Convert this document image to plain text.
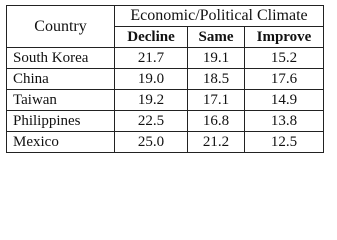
Country	Economic/Political Climate		
	Decline	Same	Improve
South Korea	21.7	19.1	15.2
China	19.0	18.5	17.6
Taiwan	19.2	17.1	14.9
Philippines	22.5	16.8	13.8
Mexico	25.0	21.2	12.5
